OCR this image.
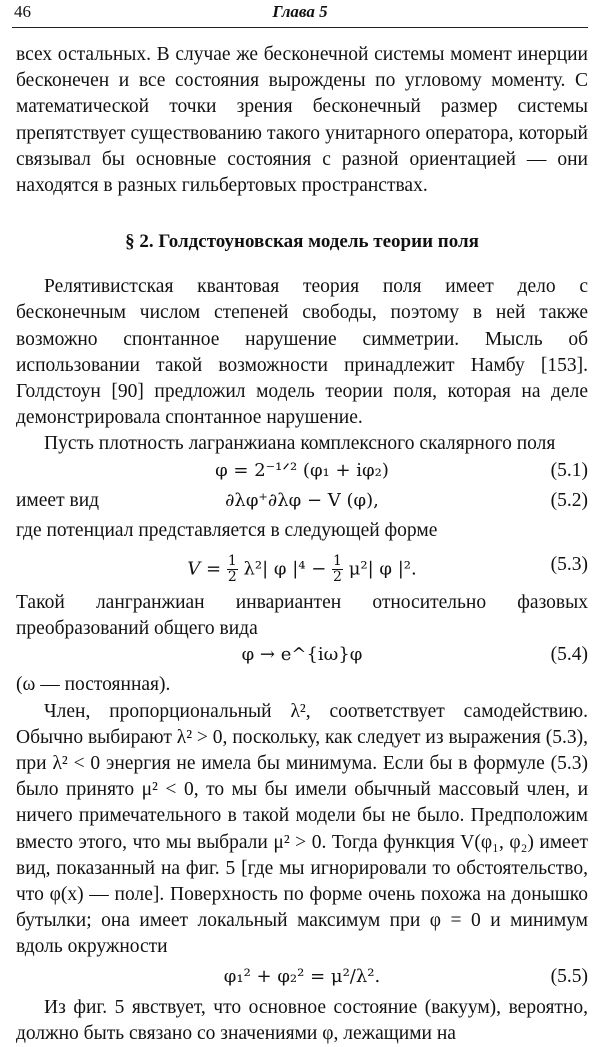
46	Глава 5

всех остальных. В случае же бесконечной системы момент инерции бесконечен и все состояния вырождены по угловому моменту. С математической точки зрения бесконечный размер системы препятствует существованию такого унитарного оператора, который связывал бы основные состояния с разной ориентацией — они находятся в разных гильбертовых пространствах.

§ 2. Голдстоуновская модель теории поля

Релятивистская квантовая теория поля имеет дело с бесконечным числом степеней свободы, поэтому в ней также возможно спонтанное нарушение симметрии. Мысль об использовании такой возможности принадлежит Намбу [153]. Голдстоун [90] предложил модель теории поля, которая на деле демонстрировала спонтанное нарушение.

Пусть плотность лагранжиана комплексного скалярного поля

φ = 2⁻¹ᐟ² (φ₁ + iφ₂)	(5.1)

имеет вид	∂λφ⁺∂λφ − V (φ),	(5.2)

где потенциал представляется в следующей форме

$V = \frac{1}{2} \lambda^2|$ φ $|^4 - \frac{1}{2} \mu^2|$ φ |².	(5.3)

Такой лангранжиан инвариантен относительно фазовых преобразований общего вида

φ → e^{iω}φ	(5.4)

(ω — постоянная).

Член, пропорциональный λ², соответствует самодействию. Обычно выбирают λ² > 0, поскольку, как следует из выражения (5.3), при λ² < 0 энергия не имела бы минимума. Если бы в формуле (5.3) было принято μ² < 0, то мы бы имели обычный массовый член, и ничего примечательного в такой модели бы не было. Предположим вместо этого, что мы выбрали μ² > 0. Тогда функция V(φ₁, φ₂) имеет вид, показанный на фиг. 5 [где мы игнорировали то обстоятельство, что φ(x) — поле]. Поверхность по форме очень похожа на донышко бутылки; она имеет локальный максимум при φ = 0 и минимум вдоль окружности

φ₁² + φ₂² = μ²/λ².	(5.5)

Из фиг. 5 явствует, что основное состояние (вакуум), вероятно, должно быть связано со значениями φ, лежащими на
